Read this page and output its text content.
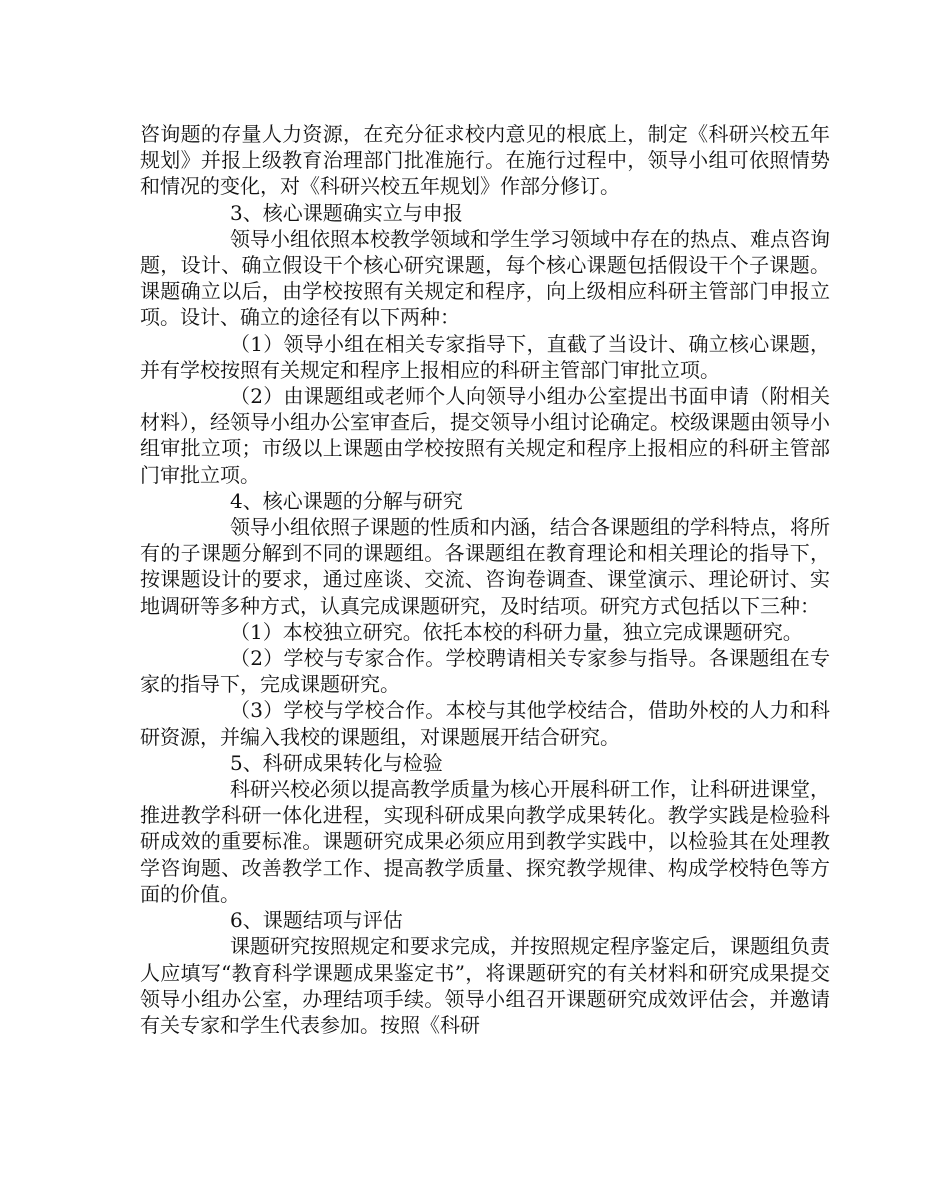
咨询题的存量人力资源，在充分征求校内意见的根底上，制定《科研兴校五年规划》并报上级教育治理部门批准施行。在施行过程中，领导小组可依照情势和情况的变化，对《科研兴校五年规划》作部分修订。

3、核心课题确实立与申报

领导小组依照本校教学领域和学生学习领域中存在的热点、难点咨询题，设计、确立假设干个核心研究课题，每个核心课题包括假设干个子课题。课题确立以后，由学校按照有关规定和程序，向上级相应科研主管部门申报立项。设计、确立的途径有以下两种：

（1）领导小组在相关专家指导下，直截了当设计、确立核心课题，并有学校按照有关规定和程序上报相应的科研主管部门审批立项。

（2）由课题组或老师个人向领导小组办公室提出书面申请（附相关材料），经领导小组办公室审查后，提交领导小组讨论确定。校级课题由领导小组审批立项；市级以上课题由学校按照有关规定和程序上报相应的科研主管部门审批立项。

4、核心课题的分解与研究

领导小组依照子课题的性质和内涵，结合各课题组的学科特点，将所有的子课题分解到不同的课题组。各课题组在教育理论和相关理论的指导下，按课题设计的要求，通过座谈、交流、咨询卷调查、课堂演示、理论研讨、实地调研等多种方式，认真完成课题研究，及时结项。研究方式包括以下三种：

（1）本校独立研究。依托本校的科研力量，独立完成课题研究。

（2）学校与专家合作。学校聘请相关专家参与指导。各课题组在专家的指导下，完成课题研究。

（3）学校与学校合作。本校与其他学校结合，借助外校的人力和科研资源，并编入我校的课题组，对课题展开结合研究。

5、科研成果转化与检验

科研兴校必须以提高教学质量为核心开展科研工作，让科研进课堂，推进教学科研一体化进程，实现科研成果向教学成果转化。教学实践是检验科研成效的重要标准。课题研究成果必须应用到教学实践中，以检验其在处理教学咨询题、改善教学工作、提高教学质量、探究教学规律、构成学校特色等方面的价值。

6、课题结项与评估

课题研究按照规定和要求完成，并按照规定程序鉴定后，课题组负责人应填写“教育科学课题成果鉴定书”，将课题研究的有关材料和研究成果提交领导小组办公室，办理结项手续。领导小组召开课题研究成效评估会，并邀请有关专家和学生代表参加。按照《科研
